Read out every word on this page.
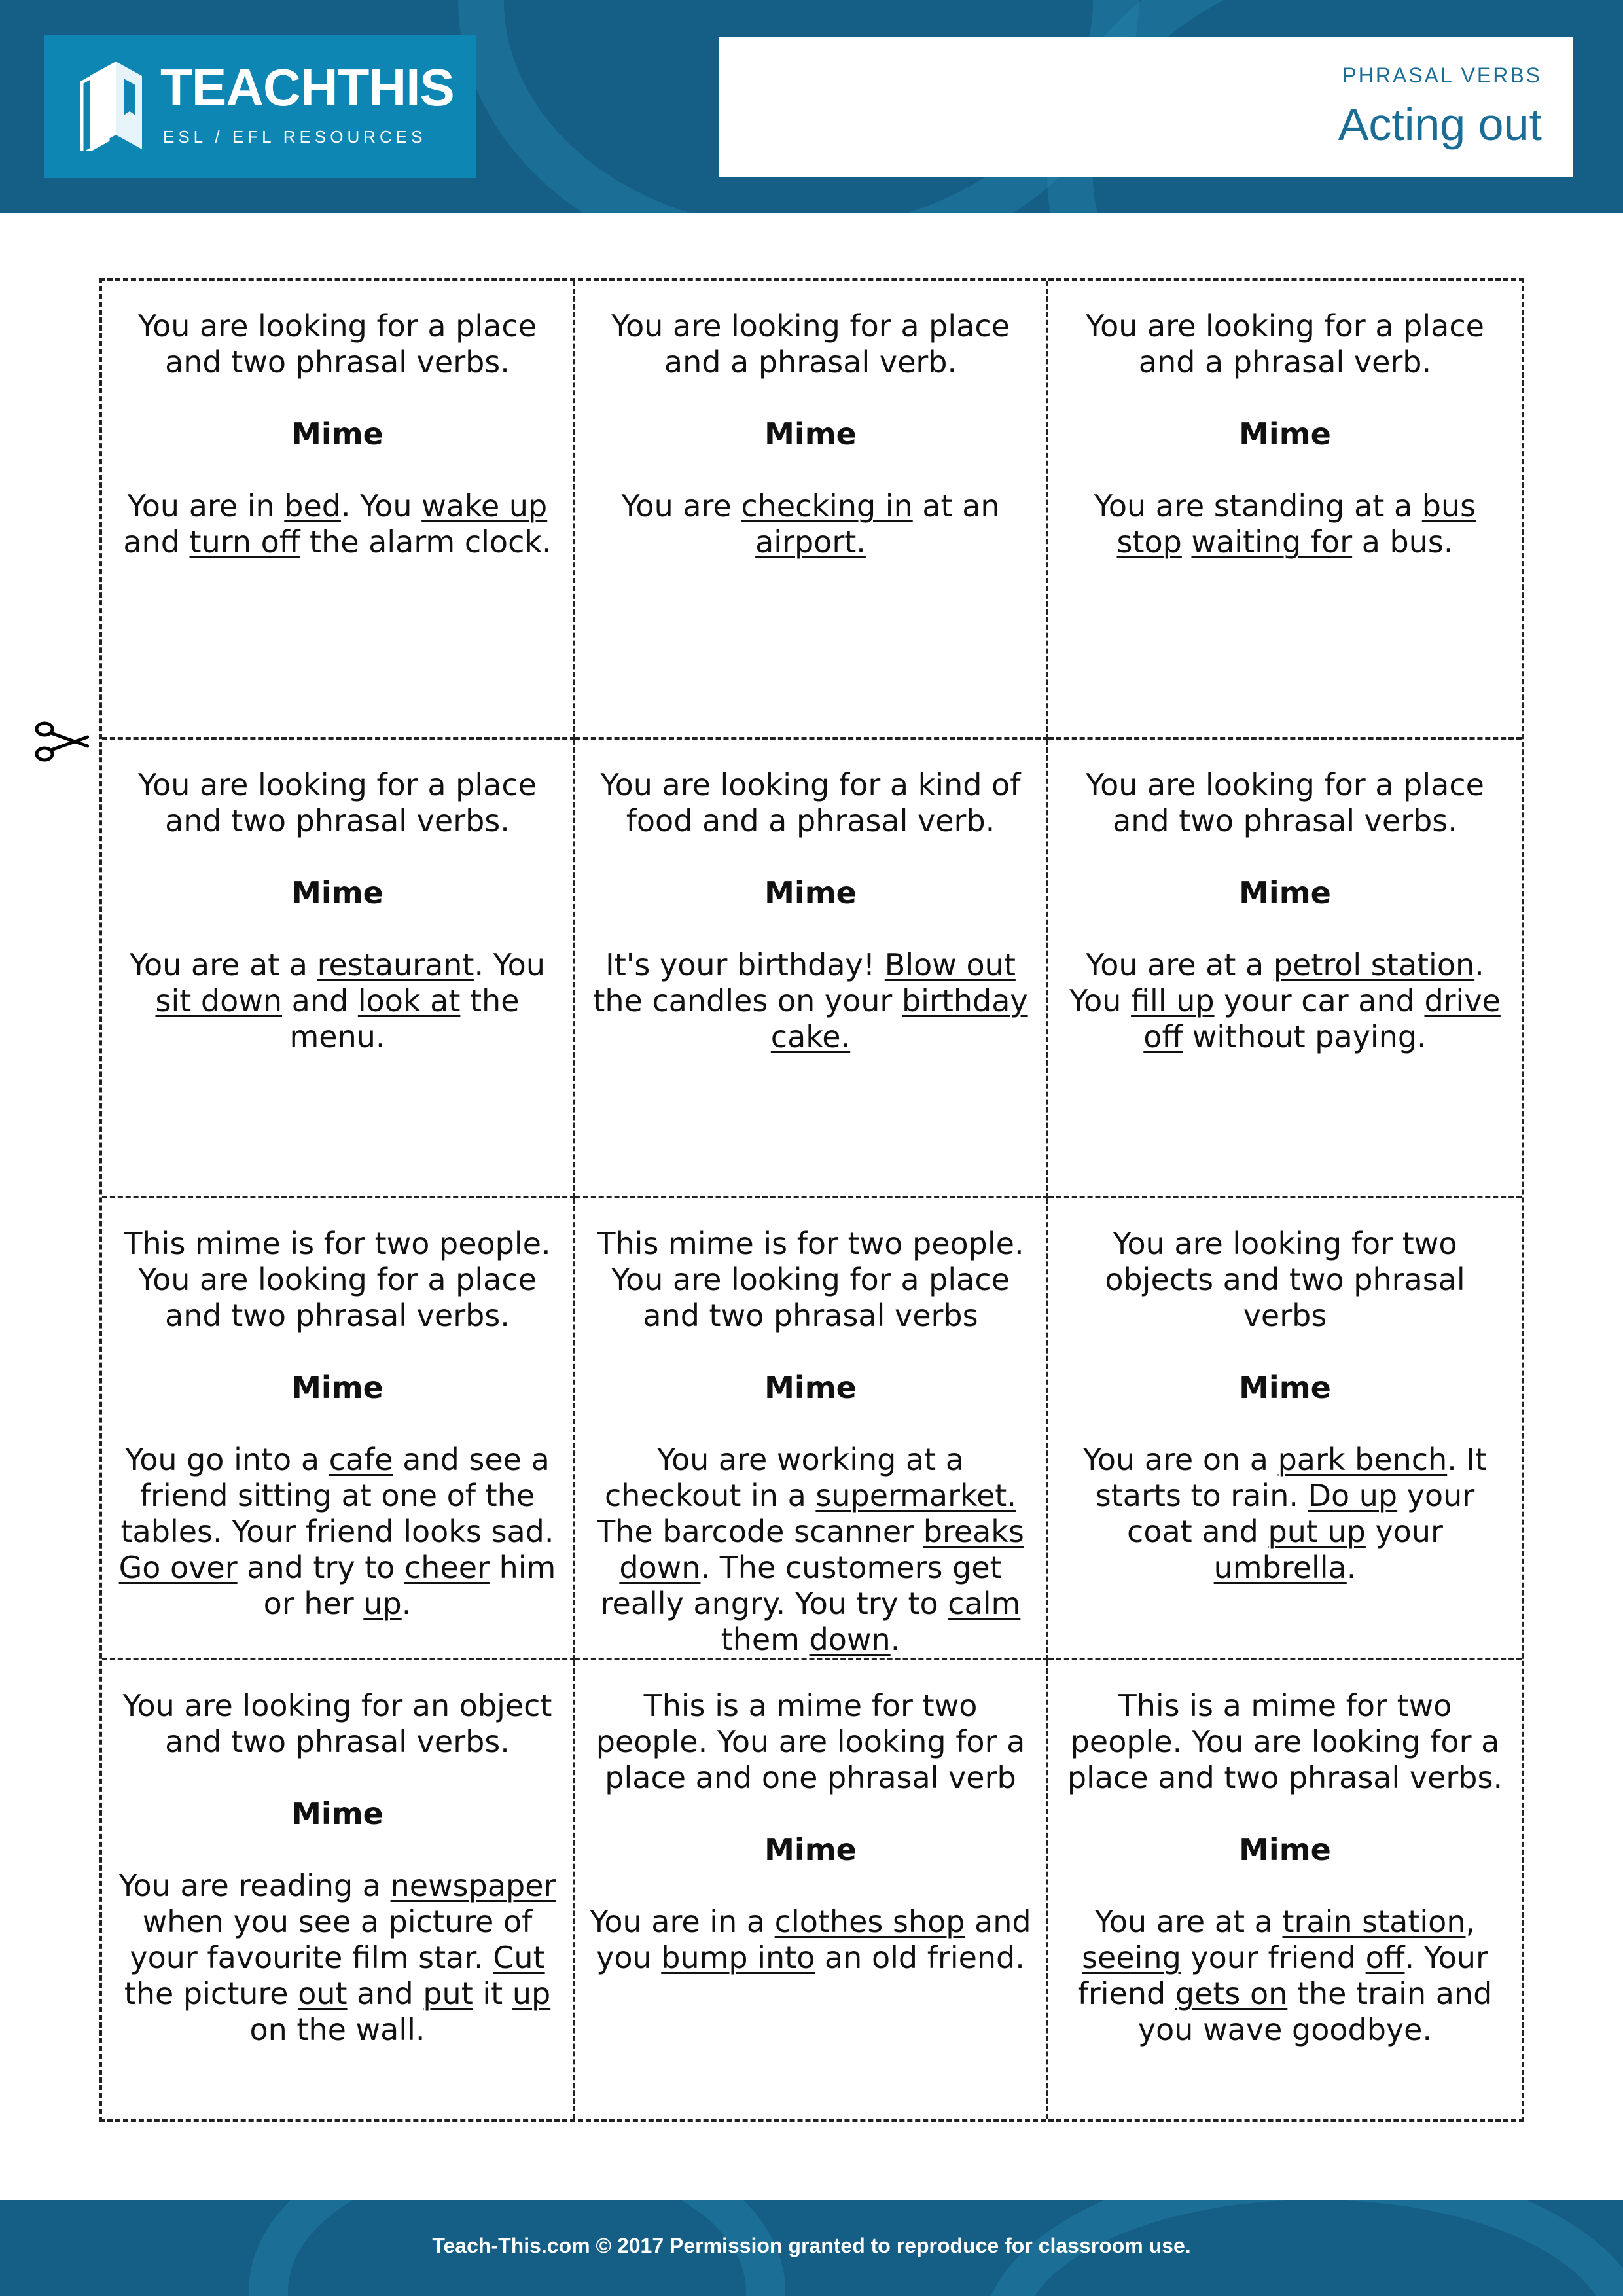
TEACHTHIS
ESL / EFL RESOURCES
PHRASAL VERBS
Acting out

You are looking for a place and two phrasal verbs.

Mime

You are in bed. You wake up and turn off the alarm clock.

You are looking for a place and a phrasal verb.

Mime

You are checking in at an airport.

You are looking for a place and a phrasal verb.

Mime

You are standing at a bus stop waiting for a bus.

You are looking for a place and two phrasal verbs.

Mime

You are at a restaurant. You sit down and look at the menu.

You are looking for a kind of food and a phrasal verb.

Mime

It's your birthday! Blow out the candles on your birthday cake.

You are looking for a place and two phrasal verbs.

Mime

You are at a petrol station. You fill up your car and drive off without paying.

This mime is for two people. You are looking for a place and two phrasal verbs.

Mime

You go into a cafe and see a friend sitting at one of the tables. Your friend looks sad. Go over and try to cheer him or her up.

This mime is for two people. You are looking for a place and two phrasal verbs

Mime

You are working at a checkout in a supermarket. The barcode scanner breaks down. The customers get really angry. You try to calm them down.

You are looking for two objects and two phrasal verbs

Mime

You are on a park bench. It starts to rain. Do up your coat and put up your umbrella.

You are looking for an object and two phrasal verbs.

Mime

You are reading a newspaper when you see a picture of your favourite film star. Cut the picture out and put it up on the wall.

This is a mime for two people. You are looking for a place and one phrasal verb

Mime

You are in a clothes shop and you bump into an old friend.

This is a mime for two people. You are looking for a place and two phrasal verbs.

Mime

You are at a train station, seeing your friend off. Your friend gets on the train and you wave goodbye.

Teach-This.com © 2017 Permission granted to reproduce for classroom use.
